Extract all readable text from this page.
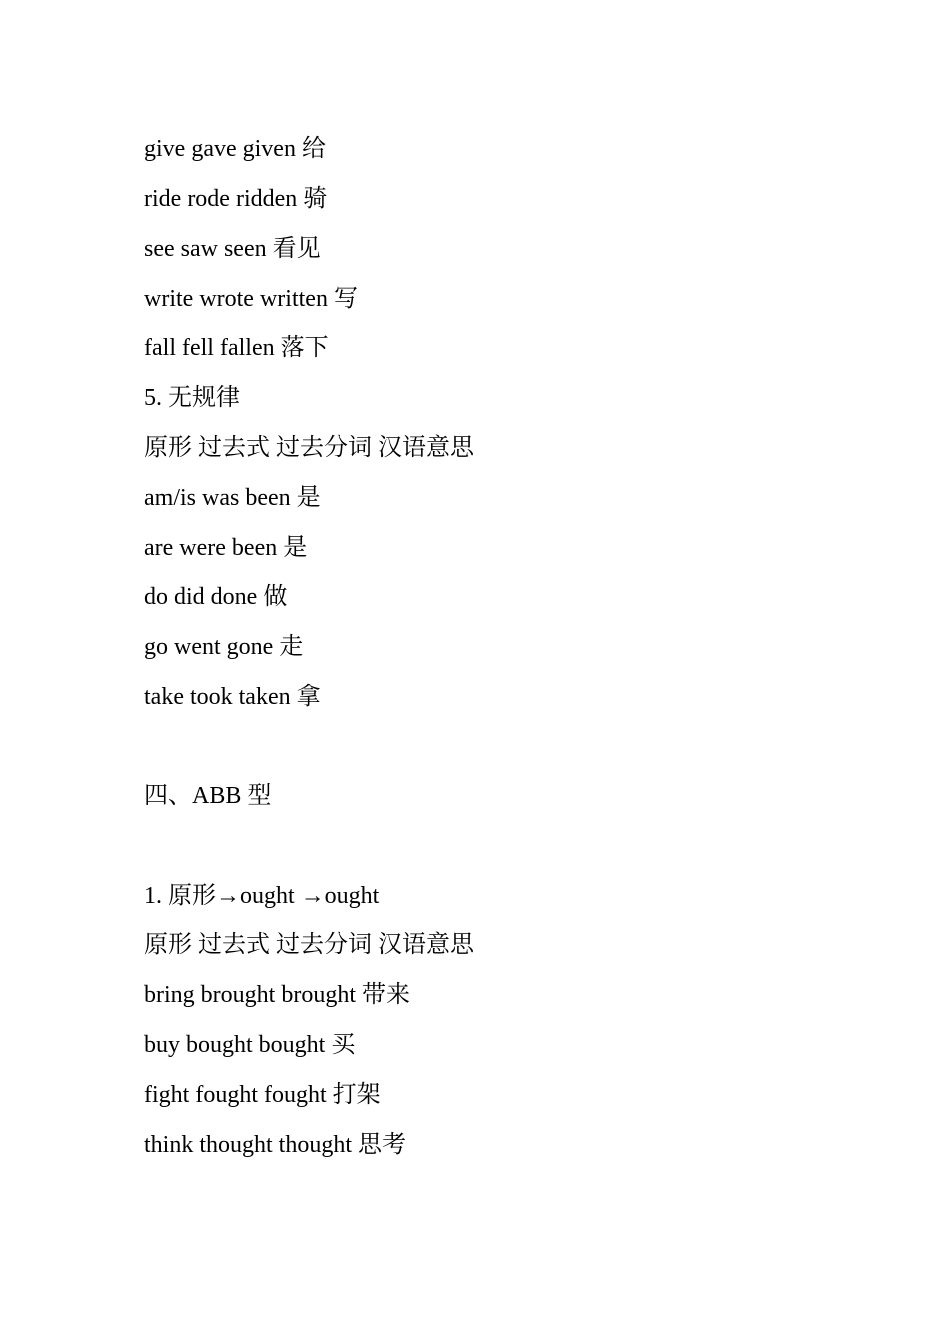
give gave given 给
ride rode ridden 骑
see saw seen 看见
write wrote written 写
fall fell fallen 落下
5. 无规律
原形 过去式 过去分词 汉语意思
am/is was been 是
are were been 是
do did done 做
go went gone 走
take took taken 拿
四、ABB 型
1. 原形→ought →ought
原形 过去式 过去分词 汉语意思
bring brought brought 带来
buy bought bought 买
fight fought fought 打架
think thought thought 思考
